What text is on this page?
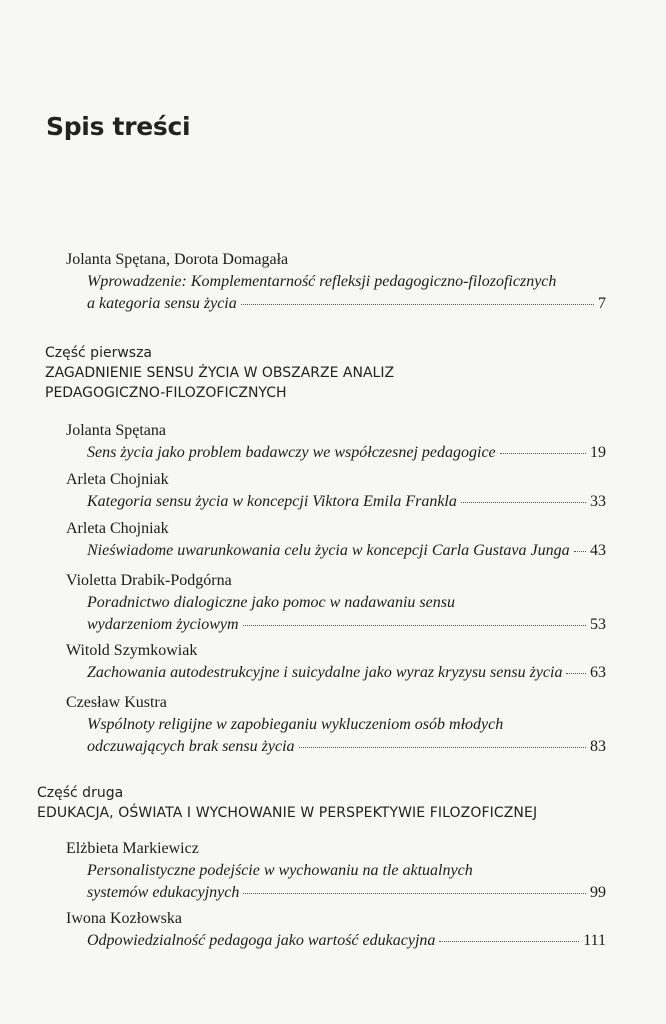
Spis treści
Jolanta Spętana, Dorota Domagała
Wprowadzenie: Komplementarność refleksji pedagogiczno-filozoficznych
a kategoria sensu życia	7
Część pierwsza
ZAGADNIENIE SENSU ŻYCIA W OBSZARZE ANALIZ
PEDAGOGICZNO-FILOZOFICZNYCH
Jolanta Spętana
Sens życia jako problem badawczy we współczesnej pedagogice	19
Arleta Chojniak
Kategoria sensu życia w koncepcji Viktora Emila Frankla	33
Arleta Chojniak
Nieświadome uwarunkowania celu życia w koncepcji Carla Gustava Junga 43
Violetta Drabik-Podgórna
Poradnictwo dialogiczne jako pomoc w nadawaniu sensu
wydarzeniom życiowym	53
Witold Szymkowiak
Zachowania autodestrukcyjne i suicydalne jako wyraz kryzysu sensu życia 63
Czesław Kustra
Wspólnoty religijne w zapobieganiu wykluczeniom osób młodych
odczuwających brak sensu życia	83
Część druga
EDUKACJA, OŚWIATA I WYCHOWANIE W PERSPEKTYWIE FILOZOFICZNEJ
Elżbieta Markiewicz
Personalistyczne podejście w wychowaniu na tle aktualnych
systemów edukacyjnych	99
Iwona Kozłowska
Odpowiedzialność pedagoga jako wartość edukacyjna	111
